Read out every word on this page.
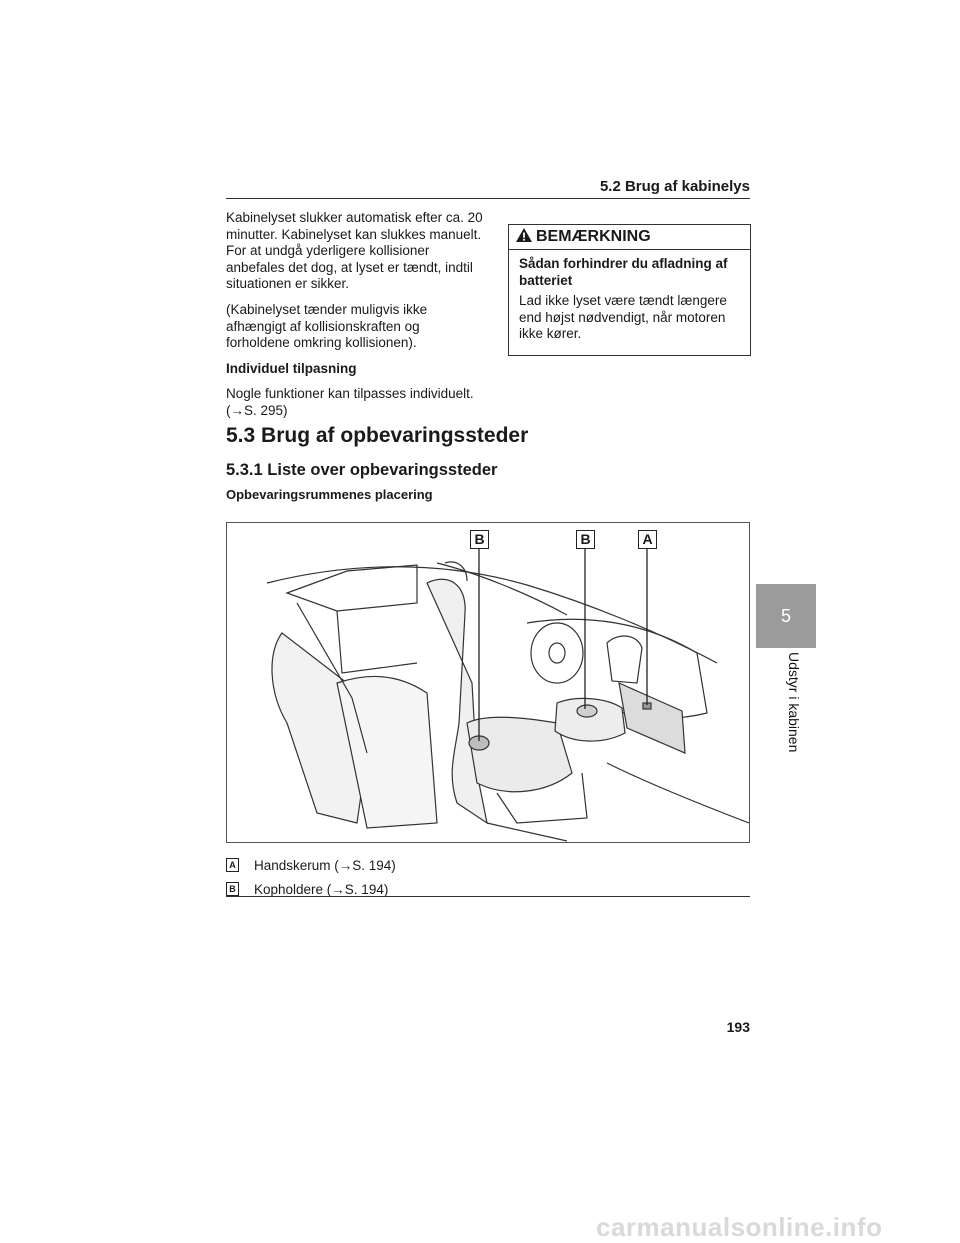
5.2 Brug af kabinelys

Kabinelyset slukker automatisk efter ca. 20 minutter. Kabinelyset kan slukkes manuelt. For at undgå yderligere kollisioner anbefales det dog, at lyset er tændt, indtil situationen er sikker.

(Kabinelyset tænder muligvis ikke afhængigt af kollisionskraften og forholdene omkring kollisionen).

Individuel tilpasning

Nogle funktioner kan tilpasses individuelt. (→S. 295)

BEMÆRKNING

Sådan forhindrer du afladning af batteriet

Lad ikke lyset være tændt længere end højst nødvendigt, når motoren ikke kører.

5.3 Brug af opbevaringssteder
5.3.1 Liste over opbevaringssteder
Opbevaringsrummenes placering
B	B	A
A Handskerum (→S. 194)
B Kopholdere (→S. 194)
193
5
Udstyr i kabinen
carmanualsonline.info
